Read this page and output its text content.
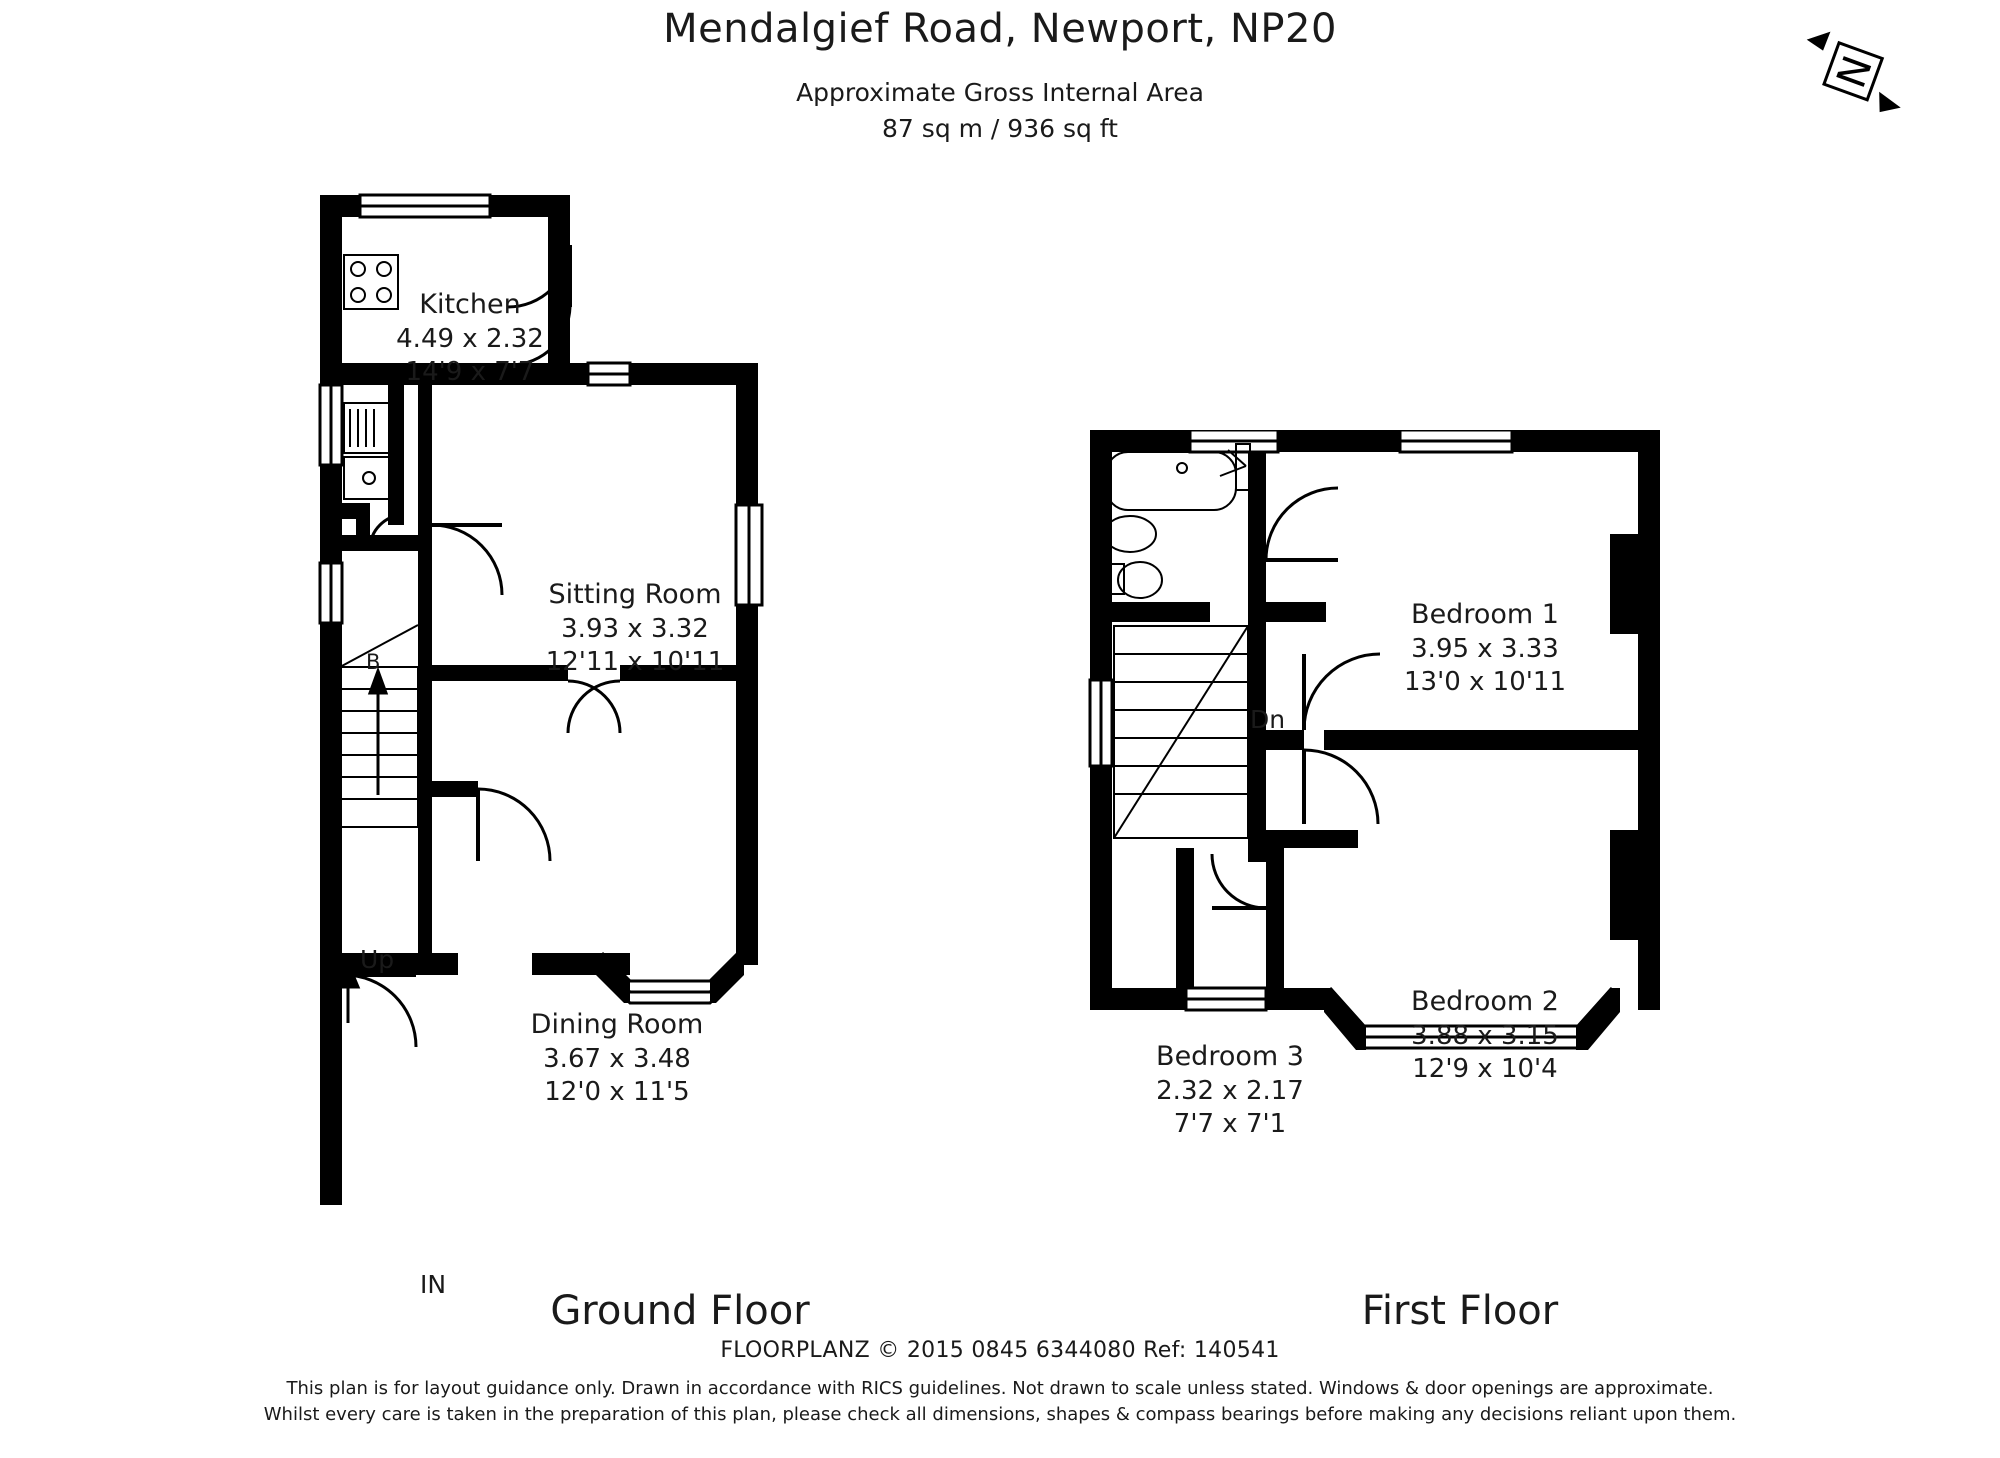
Mendalgief Road, Newport, NP20
Approximate Gross Internal Area
87 sq m / 936 sq ft
N
Kitchen
4.49 x 2.32
14'9 x 7'7
Sitting Room
3.93 x 3.32
12'11 x 10'11
Dining Room
3.67 x 3.48
12'0 x 11'5
Up
IN
B
Ground Floor
Bedroom 1
3.95 x 3.33
13'0 x 10'11
Bedroom 2
3.88 x 3.15
12'9 x 10'4
Bedroom 3
2.32 x 2.17
7'7 x 7'1
Dn
First Floor
FLOORPLANZ © 2015 0845 6344080 Ref: 140541
This plan is for layout guidance only. Drawn in accordance with RICS guidelines. Not drawn to scale unless stated. Windows & door openings are approximate.
Whilst every care is taken in the preparation of this plan, please check all dimensions, shapes & compass bearings before making any decisions reliant upon them.
